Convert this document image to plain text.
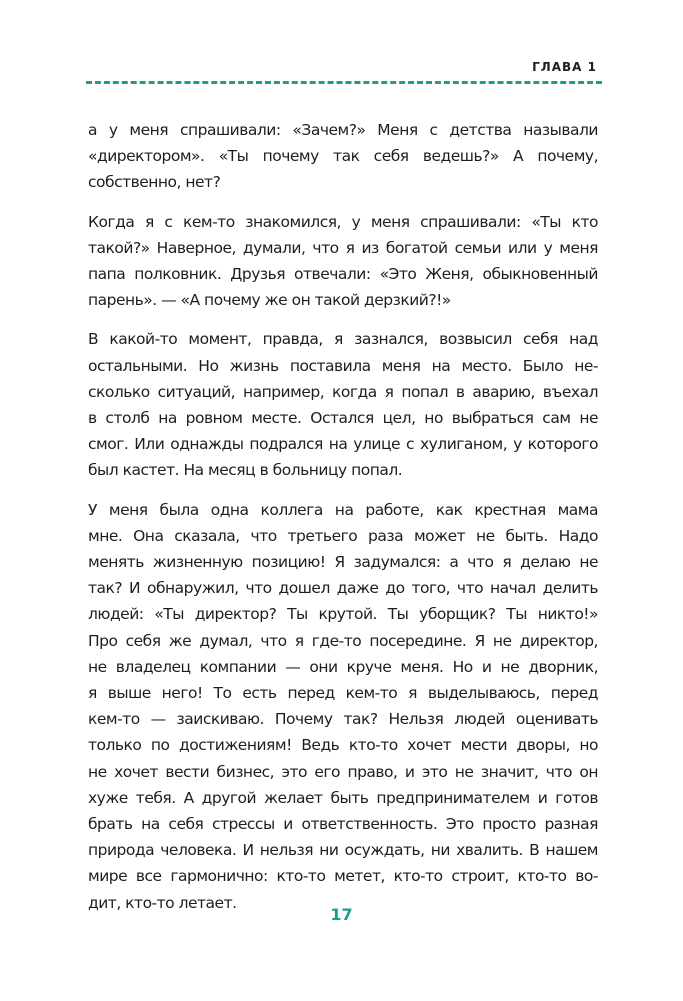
ГЛАВА 1
а у меня спрашивали: «Зачем?» Меня с детства называли
«директором». «Ты почему так себя ведешь?» А почему,
собственно, нет?
Когда я с кем-то знакомился, у меня спрашивали: «Ты кто
такой?» Наверное, думали, что я из богатой семьи или у меня
папа полковник. Друзья отвечали: «Это Женя, обыкновенный
парень». — «А почему же он такой дерзкий?!»
В какой-то момент, правда, я зазнался, возвысил себя над
остальными. Но жизнь поставила меня на место. Было не-
сколько ситуаций, например, когда я попал в аварию, въехал
в столб на ровном месте. Остался цел, но выбраться сам не
смог. Или однажды подрался на улице с хулиганом, у которого
был кастет. На месяц в больницу попал.
У меня была одна коллега на работе, как крестная мама
мне. Она сказала, что третьего раза может не быть. Надо
менять жизненную позицию! Я задумался: а что я делаю не
так? И обнаружил, что дошел даже до того, что начал делить
людей: «Ты директор? Ты крутой. Ты уборщик? Ты никто!»
Про себя же думал, что я где-то посередине. Я не директор,
не владелец компании — они круче меня. Но и не дворник,
я выше него! То есть перед кем-то я выделываюсь, перед
кем-то — заискиваю. Почему так? Нельзя людей оценивать
только по достижениям! Ведь кто-то хочет мести дворы, но
не хочет вести бизнес, это его право, и это не значит, что он
хуже тебя. А другой желает быть предпринимателем и готов
брать на себя стрессы и ответственность. Это просто разная
природа человека. И нельзя ни осуждать, ни хвалить. В нашем
мире все гармонично: кто-то метет, кто-то строит, кто-то во-
дит, кто-то летает.
17
